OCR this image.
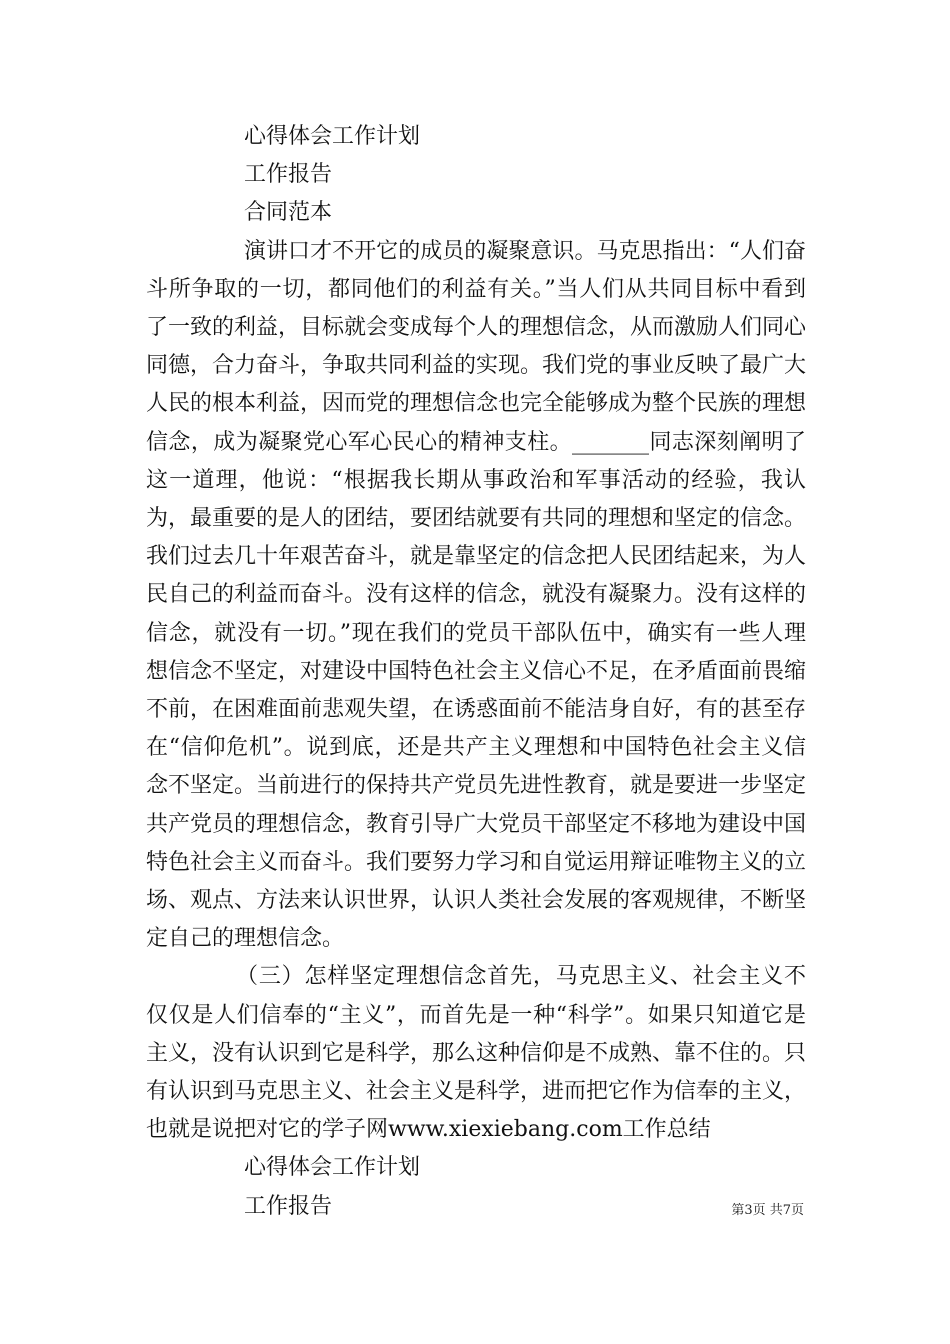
心得体会工作计划

工作报告

合同范本

演讲口才不开它的成员的凝聚意识。马克思指出：“人们奋斗所争取的一切，都同他们的利益有关。”当人们从共同目标中看到了一致的利益，目标就会变成每个人的理想信念，从而激励人们同心同德，合力奋斗，争取共同利益的实现。我们党的事业反映了最广大人民的根本利益，因而党的理想信念也完全能够成为整个民族的理想信念，成为凝聚党心军心民心的精神支柱。_______同志深刻阐明了这一道理，他说：“根据我长期从事政治和军事活动的经验，我认为，最重要的是人的团结，要团结就要有共同的理想和坚定的信念。我们过去几十年艰苦奋斗，就是靠坚定的信念把人民团结起来，为人民自己的利益而奋斗。没有这样的信念，就没有凝聚力。没有这样的信念，就没有一切。”现在我们的党员干部队伍中，确实有一些人理想信念不坚定，对建设中国特色社会主义信心不足，在矛盾面前畏缩不前，在困难面前悲观失望，在诱惑面前不能洁身自好，有的甚至存在“信仰危机”。说到底，还是共产主义理想和中国特色社会主义信念不坚定。当前进行的保持共产党员先进性教育，就是要进一步坚定共产党员的理想信念，教育引导广大党员干部坚定不移地为建设中国特色社会主义而奋斗。我们要努力学习和自觉运用辩证唯物主义的立场、观点、方法来认识世界，认识人类社会发展的客观规律，不断坚定自己的理想信念。

（三）怎样坚定理想信念首先，马克思主义、社会主义不仅仅是人们信奉的“主义”，而首先是一种“科学”。如果只知道它是主义，没有认识到它是科学，那么这种信仰是不成熟、靠不住的。只有认识到马克思主义、社会主义是科学，进而把它作为信奉的主义，也就是说把对它的学子网www.xiexiebang.com工作总结

心得体会工作计划

工作报告	第3页 共7页
